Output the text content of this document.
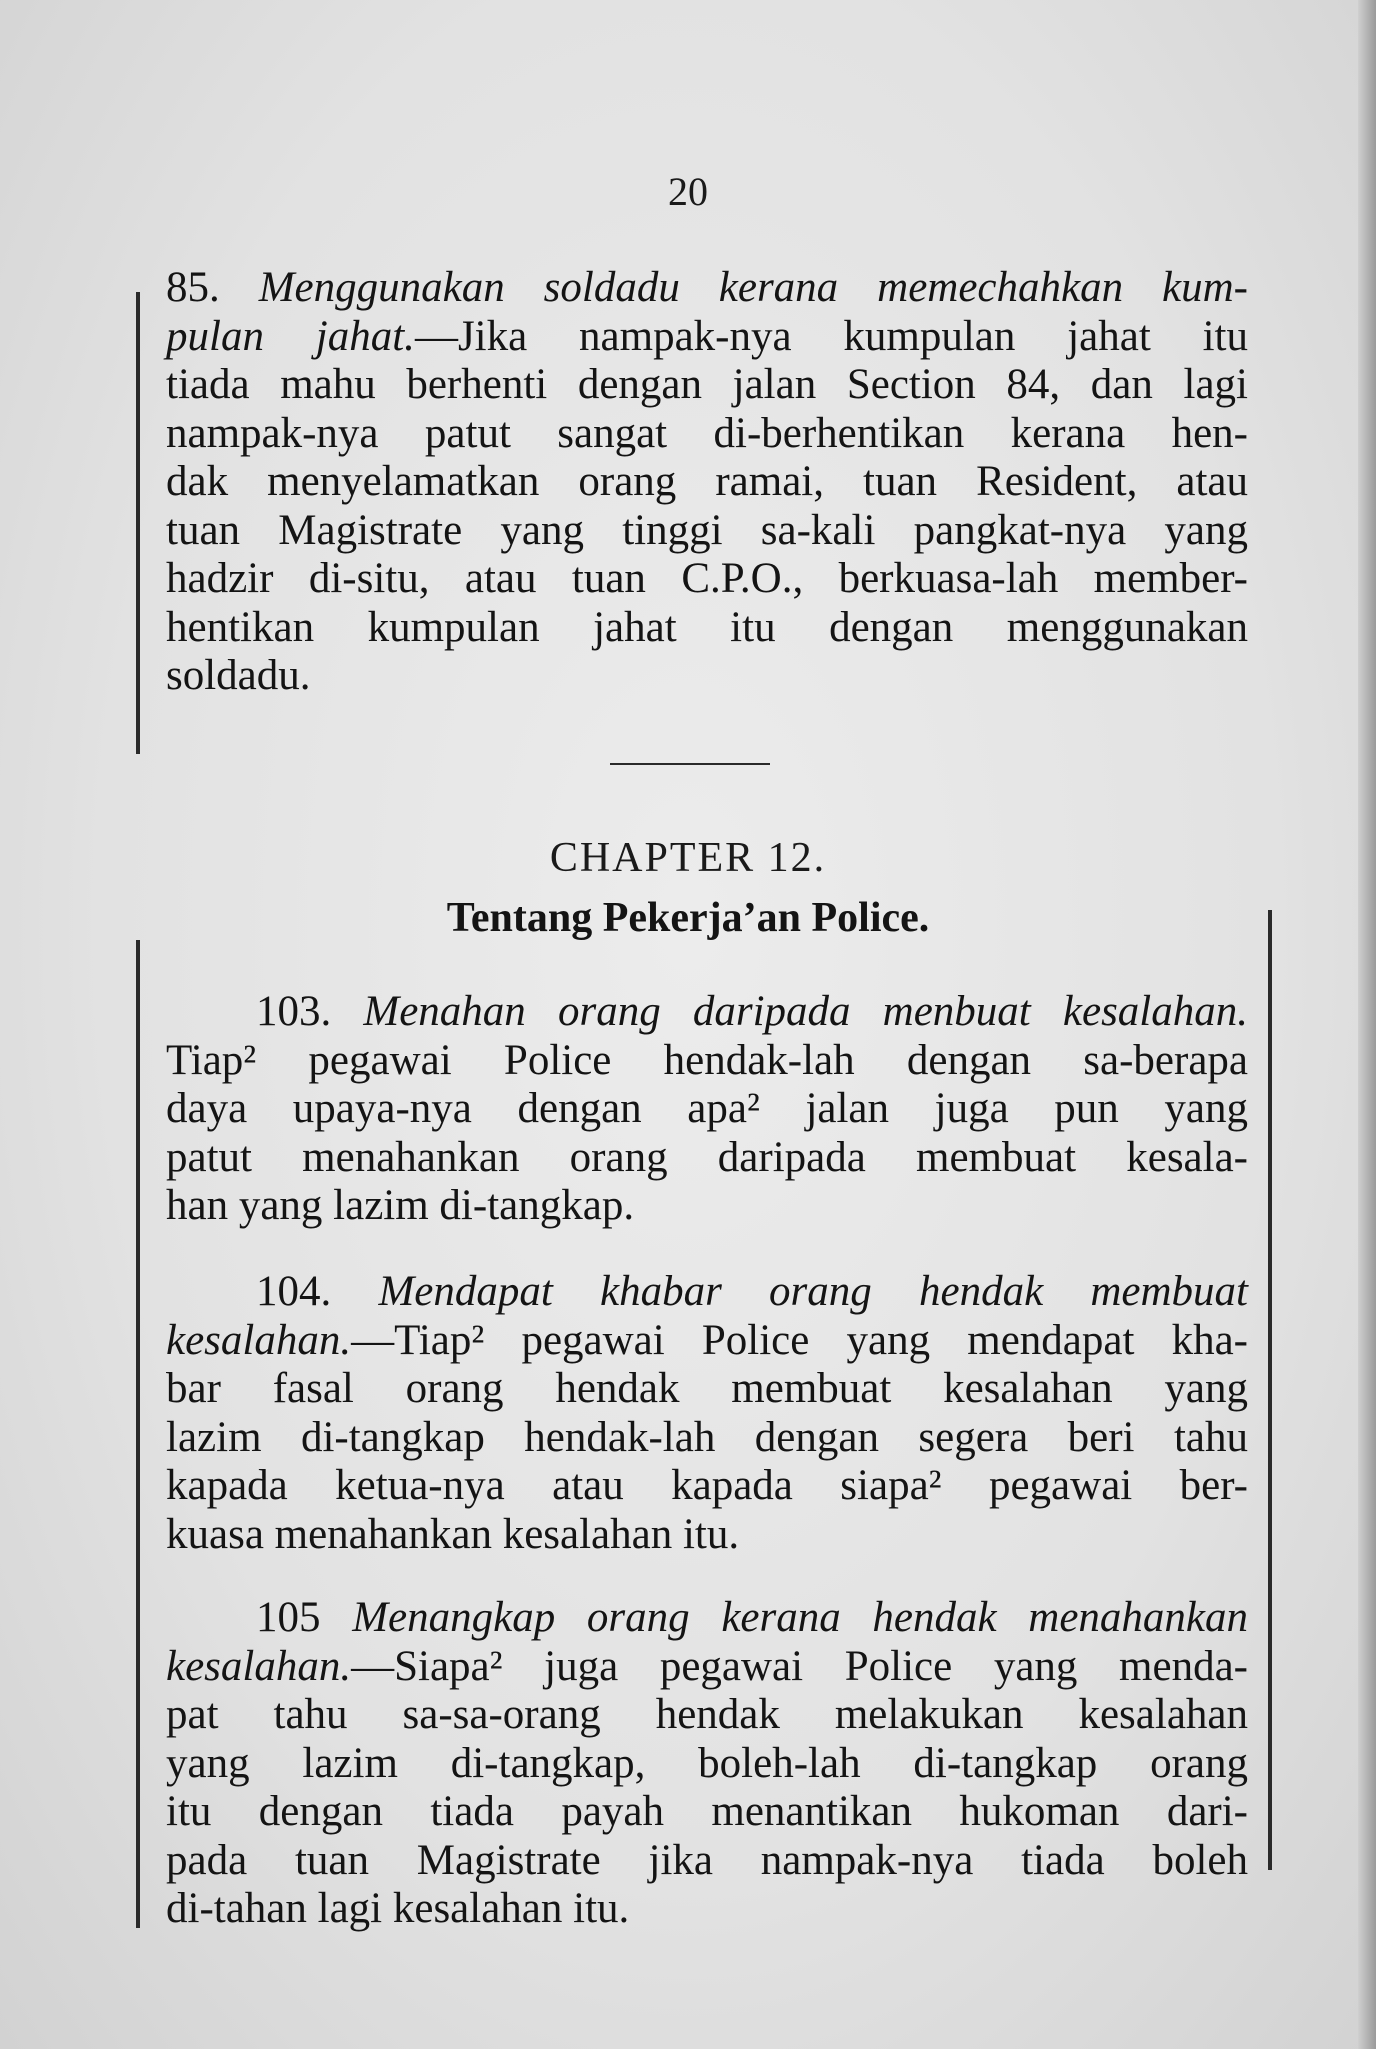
20
85. Menggunakan soldadu kerana memechahkan kum-
pulan jahat.—Jika nampak-nya kumpulan jahat itu
tiada mahu berhenti dengan jalan Section 84, dan lagi
nampak-nya patut sangat di-berhentikan kerana hen-
dak menyelamatkan orang ramai, tuan Resident, atau
tuan Magistrate yang tinggi sa-kali pangkat-nya yang
hadzir di-situ, atau tuan C.P.O., berkuasa-lah member-
hentikan kumpulan jahat itu dengan menggunakan
soldadu.
CHAPTER 12.
Tentang Pekerja’an Police.
103. Menahan orang daripada menbuat kesalahan.
Tiap² pegawai Police hendak-lah dengan sa-berapa
daya upaya-nya dengan apa² jalan juga pun yang
patut menahankan orang daripada membuat kesala-
han yang lazim di-tangkap.
104. Mendapat khabar orang hendak membuat
kesalahan.—Tiap² pegawai Police yang mendapat kha-
bar fasal orang hendak membuat kesalahan yang
lazim di-tangkap hendak-lah dengan segera beri tahu
kapada ketua-nya atau kapada siapa² pegawai ber-
kuasa menahankan kesalahan itu.
105 Menangkap orang kerana hendak menahankan
kesalahan.—Siapa² juga pegawai Police yang menda-
pat tahu sa-sa-orang hendak melakukan kesalahan
yang lazim di-tangkap, boleh-lah di-tangkap orang
itu dengan tiada payah menantikan hukoman dari-
pada tuan Magistrate jika nampak-nya tiada boleh
di-tahan lagi kesalahan itu.
